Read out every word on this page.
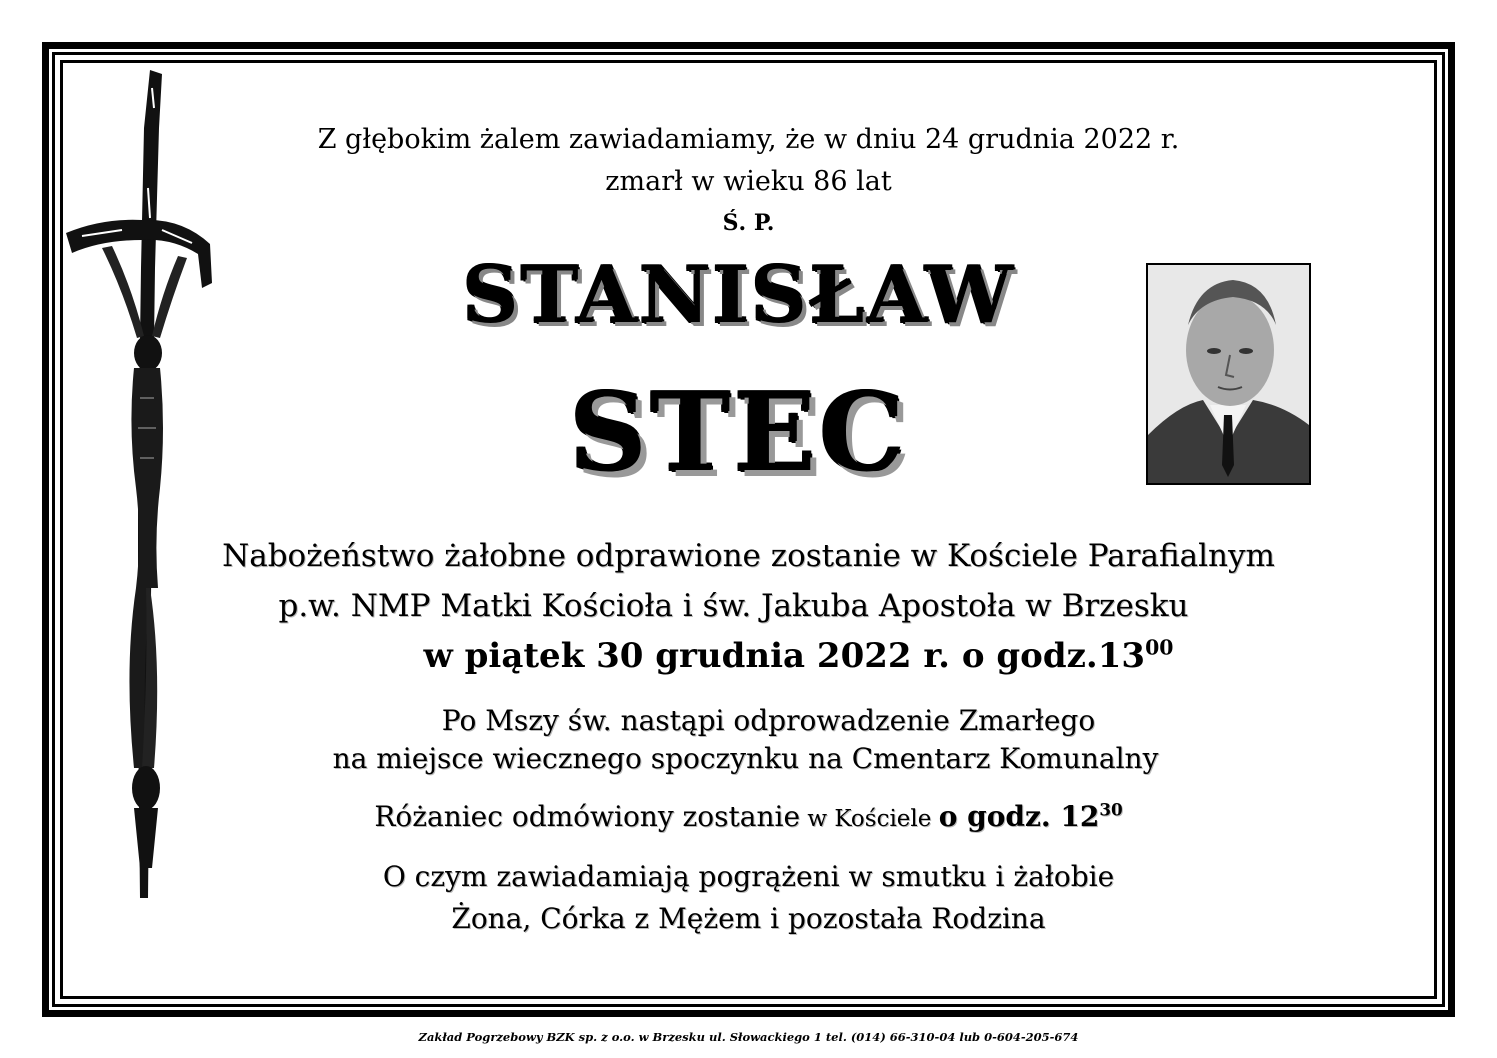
Z głębokim żalem zawiadamiamy, że w dniu 24 grudnia 2022 r.
zmarł w wieku 86 lat
Ś. P.
STANISŁAW
STEC
Nabożeństwo żałobne odprawione zostanie w Kościele Parafialnym
p.w. NMP Matki Kościoła i św. Jakuba Apostoła w Brzesku
w piątek 30 grudnia 2022 r. o $godz.13^{00}$
Po Mszy św. nastąpi odprowadzenie Zmarłego
na miejsce wiecznego spoczynku na Cmentarz Komunalny
Różaniec odmówiony zostanie w Kościele o godz. $12^{30}$
O czym zawiadamiają pogrążeni w smutku i żałobie
Żona, Córka z Mężem i pozostała Rodzina
Zakład Pogrzebowy BZK sp. z o.o. w Brzesku ul. Słowackiego 1 tel. (014) 66-310-04 lub 0-604-205-674
